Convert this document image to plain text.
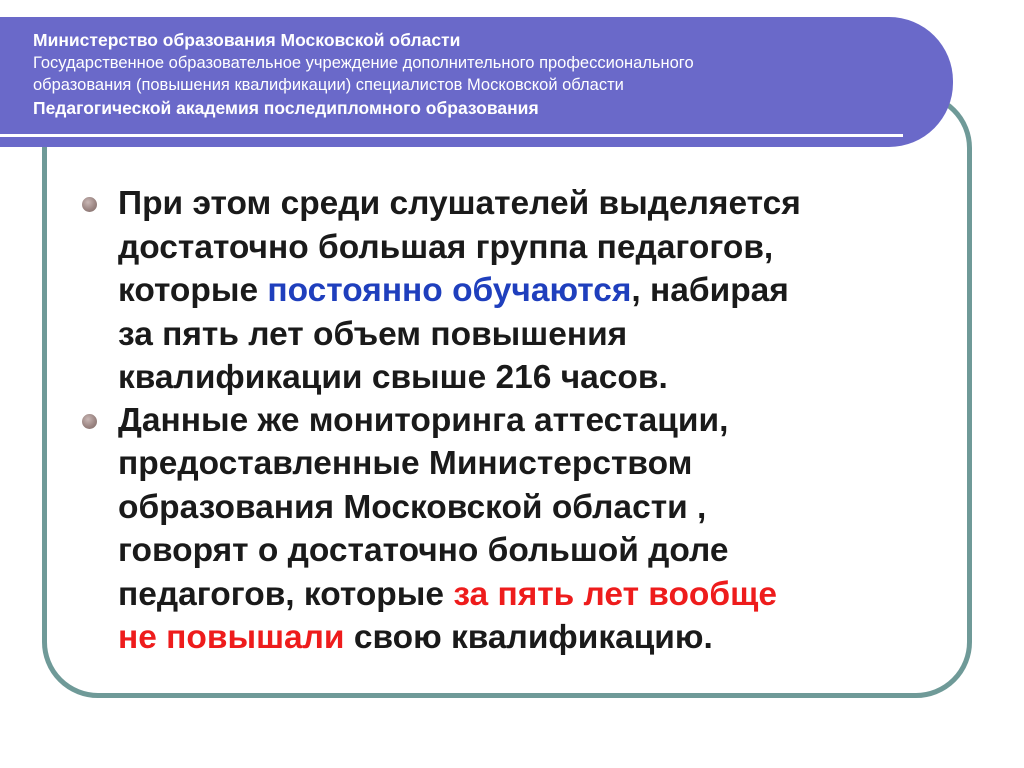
Министерство образования Московской области
Государственное образовательное учреждение дополнительного профессионального
образования (повышения квалификации) специалистов Московской области
Педагогической академия последипломного образования
При этом среди слушателей выделяется
достаточно большая группа педагогов,
которые постоянно обучаются, набирая
за пять лет объем повышения
квалификации свыше 216 часов.
Данные же мониторинга аттестации,
предоставленные Министерством
образования Московской области ,
говорят о достаточно большой доле
педагогов, которые за пять лет вообще
не повышали свою квалификацию.
